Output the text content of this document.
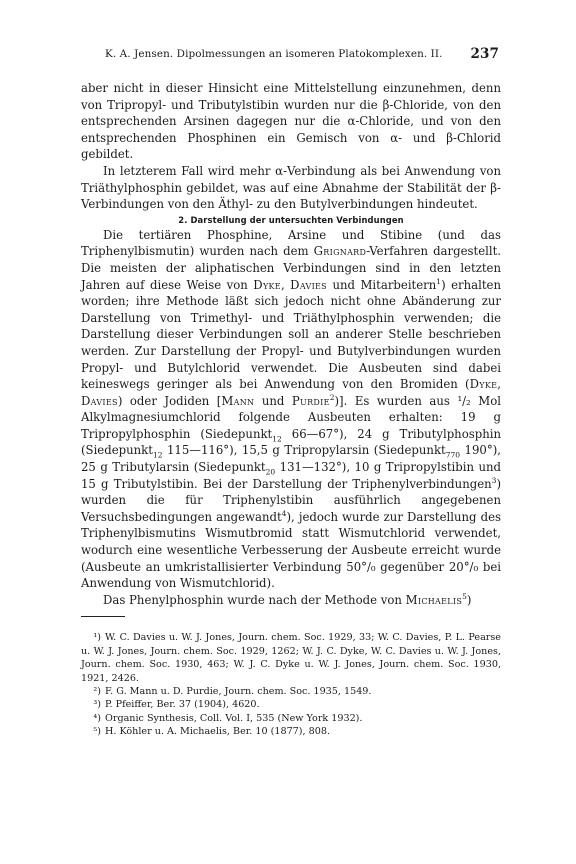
K. A. Jensen. Dipolmessungen an isomeren Platokomplexen. II. 237

aber nicht in dieser Hinsicht eine Mittelstellung einzunehmen, denn von Tripropyl- und Tributylstibin wurden nur die β-Chloride, von den entsprechenden Arsinen dagegen nur die α-Chloride, und von den entsprechenden Phosphinen ein Gemisch von α- und β-Chlorid gebildet.

In letzterem Fall wird mehr α-Verbindung als bei Anwendung von Triäthylphosphin gebildet, was auf eine Abnahme der Stabilität der β-Verbindungen von den Äthyl- zu den Butylverbindungen hindeutet.

2. Darstellung der untersuchten Verbindungen

Die tertiären Phosphine, Arsine und Stibine (und das Triphenylbismutin) wurden nach dem Grignard-Verfahren dargestellt. Die meisten der aliphatischen Verbindungen sind in den letzten Jahren auf diese Weise von Dyke, Davies und Mitarbeitern$^1$) erhalten worden; ihre Methode läßt sich jedoch nicht ohne Abänderung zur Darstellung von Trimethyl- und Triäthylphosphin verwenden; die Darstellung dieser Verbindungen soll an anderer Stelle beschrieben werden. Zur Darstellung der Propyl- und Butylverbindungen wurden Propyl- und Butylchlorid verwendet. Die Ausbeuten sind dabei keineswegs geringer als bei Anwendung von den Bromiden (Dyke, Davies) oder Jodiden [Mann und Purdie$^2$)]. Es wurden aus ¹/₂ Mol Alkylmagnesiumchlorid folgende Ausbeuten erhalten: 19 g Tripropylphosphin (Siedepunkt$_{12}$ 66—67°), 24 g Tributylphosphin (Siedepunkt$_{12}$ 115—116°), 15,5 g Tripropylarsin (Siedepunkt$_{770}$ 190°), 25 g Tributylarsin (Siedepunkt$_{20}$ 131—132°), 10 g Tripropylstibin und 15 g Tributylstibin. Bei der Darstellung der Triphenylverbindungen$^3$) wurden die für Triphenylstibin ausführlich angegebenen Versuchsbedingungen angewandt$^4$), jedoch wurde zur Darstellung des Triphenylbismutins Wismutbromid statt Wismutchlorid verwendet, wodurch eine wesentliche Verbesserung der Ausbeute erreicht wurde (Ausbeute an umkristallisierter Verbindung 50°/₀ gegenüber 20°/₀ bei Anwendung von Wismutchlorid).

Das Phenylphosphin wurde nach der Methode von Michaelis$^5$)

¹) W. C. Davies u. W. J. Jones, Journ. chem. Soc. 1929, 33; W. C. Davies, P. L. Pearse u. W. J. Jones, Journ. chem. Soc. 1929, 1262; W. J. C. Dyke, W. C. Davies u. W. J. Jones, Journ. chem. Soc. 1930, 463; W. J. C. Dyke u. W. J. Jones, Journ. chem. Soc. 1930, 1921, 2426.

²) F. G. Mann u. D. Purdie, Journ. chem. Soc. 1935, 1549.

³) P. Pfeiffer, Ber. 37 (1904), 4620.

⁴) Organic Synthesis, Coll. Vol. I, 535 (New York 1932).

⁵) H. Köhler u. A. Michaelis, Ber. 10 (1877), 808.
